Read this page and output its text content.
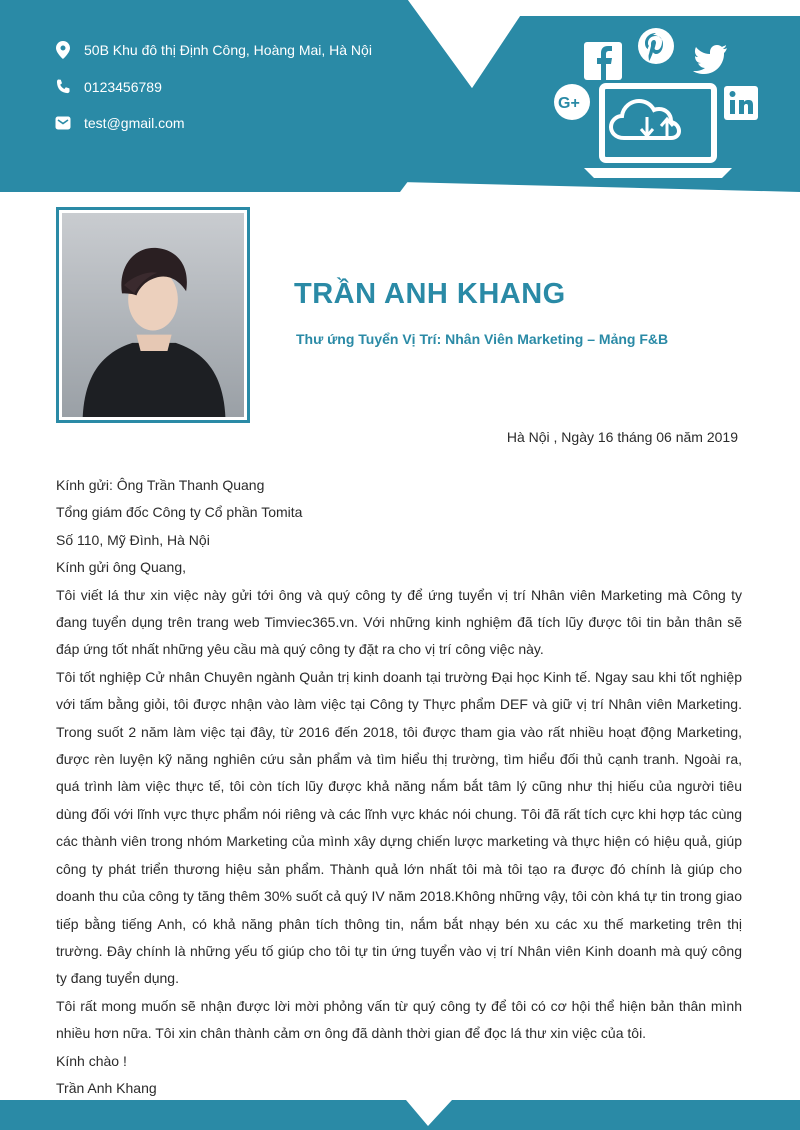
50B Khu đô thị Định Công, Hoàng Mai, Hà Nội
0123456789
test@gmail.com
G+
TRẦN ANH KHANG
Thư ứng Tuyển Vị Trí: Nhân Viên Marketing – Mảng F&B
Hà Nội , Ngày 16 tháng 06 năm 2019

Kính gửi: Ông Trần Thanh Quang

Tổng giám đốc Công ty Cổ phần Tomita

Số 110, Mỹ Đình, Hà Nội

Kính gửi ông Quang,

Tôi viết lá thư xin việc này gửi tới ông và quý công ty để ứng tuyển vị trí Nhân viên Marketing mà Công ty đang tuyển dụng trên trang web Timviec365.vn. Với những kinh nghiệm đã tích lũy được tôi tin bản thân sẽ đáp ứng tốt nhất những yêu cầu mà quý công ty đặt ra cho vị trí công việc này.

Tôi tốt nghiệp Cử nhân Chuyên ngành Quản trị kinh doanh tại trường Đại học Kinh tế. Ngay sau khi tốt nghiệp với tấm bằng giỏi, tôi được nhận vào làm việc tại Công ty Thực phẩm DEF và giữ vị trí Nhân viên Marketing. Trong suốt 2 năm làm việc tại đây, từ 2016 đến 2018, tôi được tham gia vào rất nhiều hoạt động Marketing, được rèn luyện kỹ năng nghiên cứu sản phẩm và tìm hiểu thị trường, tìm hiểu đối thủ cạnh tranh. Ngoài ra, quá trình làm việc thực tế, tôi còn tích lũy được khả năng nắm bắt tâm lý cũng như thị hiếu của người tiêu dùng đối với lĩnh vực thực phẩm nói riêng và các lĩnh vực khác nói chung. Tôi đã rất tích cực khi hợp tác cùng các thành viên trong nhóm Marketing của mình xây dựng chiến lược marketing và thực hiện có hiệu quả, giúp công ty phát triển thương hiệu sản phẩm. Thành quả lớn nhất tôi mà tôi tạo ra được đó chính là giúp cho doanh thu của công ty tăng thêm 30% suốt cả quý IV năm 2018.Không những vậy, tôi còn khá tự tin trong giao tiếp bằng tiếng Anh, có khả năng phân tích thông tin, nắm bắt nhạy bén xu các xu thế marketing trên thị trường. Đây chính là những yếu tố giúp cho tôi tự tin ứng tuyển vào vị trí Nhân viên Kinh doanh mà quý công ty đang tuyển dụng.

Tôi rất mong muốn sẽ nhận được lời mời phỏng vấn từ quý công ty để tôi có cơ hội thể hiện bản thân mình nhiều hơn nữa. Tôi xin chân thành cảm ơn ông đã dành thời gian để đọc lá thư xin việc của tôi.

Kính chào !

Trần Anh Khang
